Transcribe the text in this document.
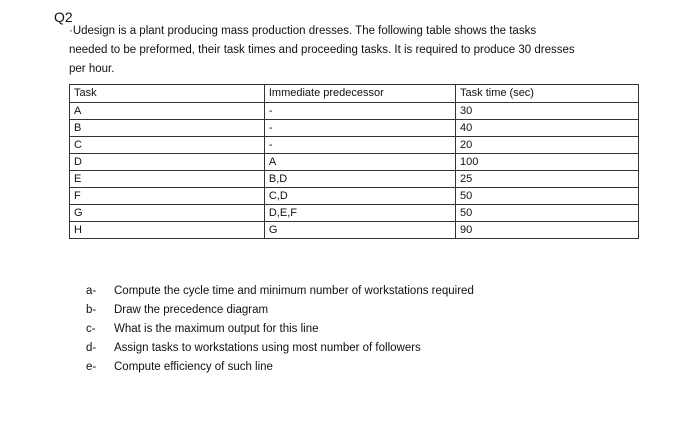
Q2
·Udesign is a plant producing mass production dresses. The following table shows the tasks
needed to be preformed, their task times and proceeding tasks. It is required to produce 30 dresses
per hour.
Task	Immediate predecessor	Task time (sec)
A	-	30
B	-	40
C	-	20
D	A	100
E	B,D	25
F	C,D	50
G	D,E,F	50
H	G	90
a-	Compute the cycle time and minimum number of workstations required
b-	Draw the precedence diagram
c-	What is the maximum output for this line
d-	Assign tasks to workstations using most number of followers
e-	Compute efficiency of such line
